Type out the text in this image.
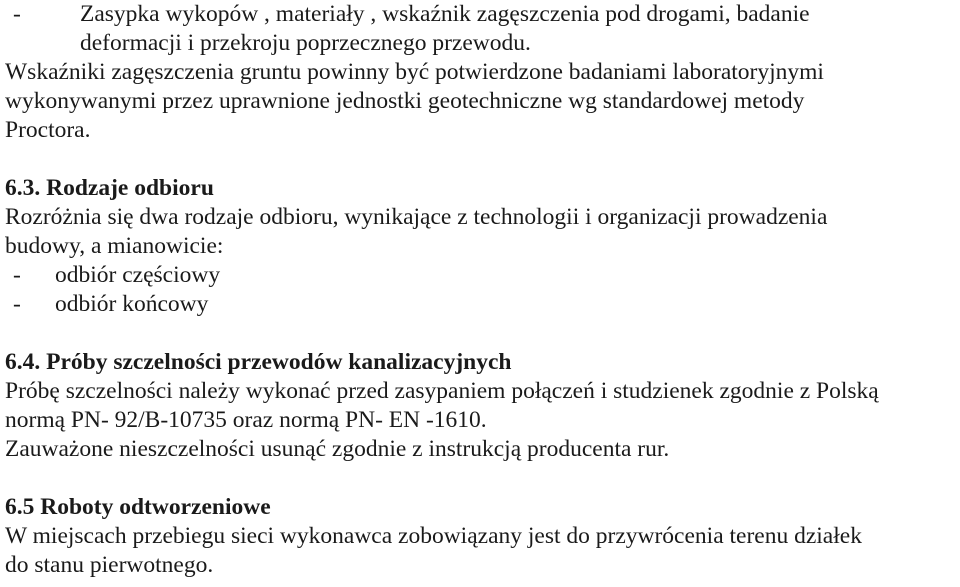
-	Zasypka wykopów , materiały , wskaźnik zagęszczenia pod drogami, badanie
deformacji i przekroju poprzecznego przewodu.
Wskaźniki zagęszczenia gruntu powinny być potwierdzone badaniami laboratoryjnymi
wykonywanymi przez uprawnione jednostki geotechniczne wg standardowej metody
Proctora.
6.3. Rodzaje odbioru
Rozróżnia się dwa rodzaje odbioru, wynikające z technologii i organizacji prowadzenia
budowy, a mianowicie:
-	odbiór częściowy
-	odbiór końcowy
6.4. Próby szczelności przewodów kanalizacyjnych
Próbę szczelności należy wykonać przed zasypaniem połączeń i studzienek zgodnie z Polską
normą PN- 92/B-10735 oraz normą PN- EN -1610.
Zauważone nieszczelności usunąć zgodnie z instrukcją producenta rur.
6.5 Roboty odtworzeniowe
W miejscach przebiegu sieci wykonawca zobowiązany jest do przywrócenia terenu działek
do stanu pierwotnego.
